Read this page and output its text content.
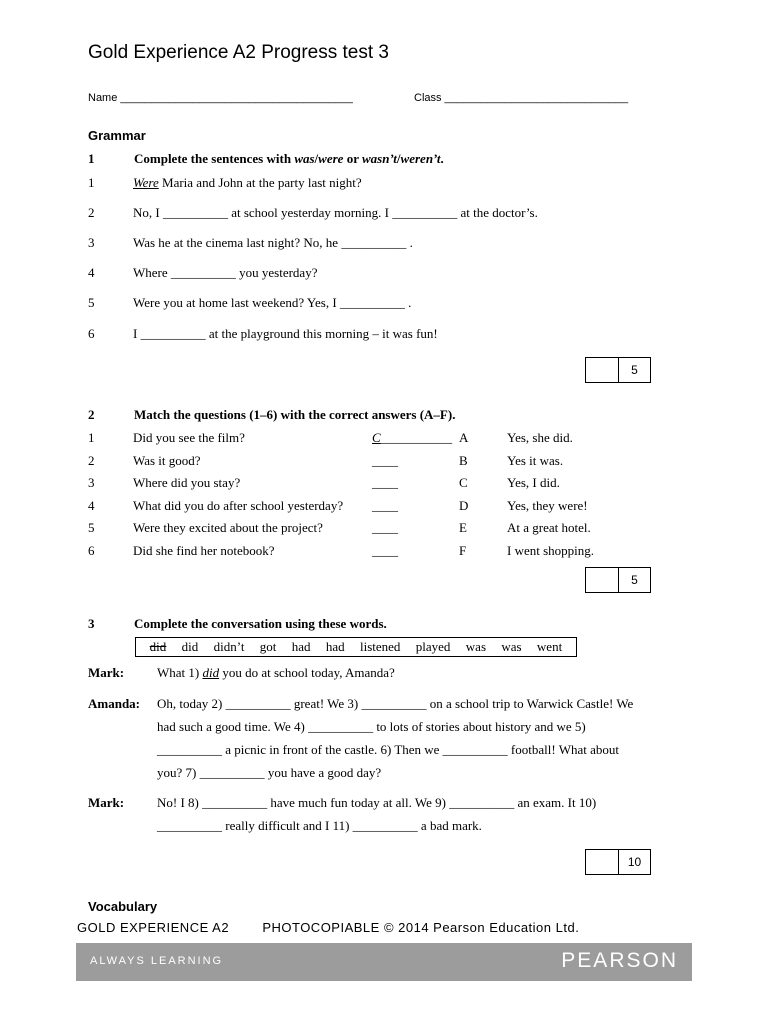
Gold Experience A2 Progress test 3
Name ______________________________________	Class ______________________________
Grammar
1	Complete the sentences with was/were or wasn’t/weren’t.
1	Were Maria and John at the party last night?
2	No, I __________ at school yesterday morning. I __________ at the doctor’s.
3	Was he at the cinema last night? No, he __________ .
4	Where __________ you yesterday?
5	Were you at home last weekend? Yes, I __________ .
6	I __________ at the playground this morning – it was fun!
5
2	Match the questions (1–6) with the correct answers (A–F).
1	Did you see the film?	C___________ A	Yes, she did.
2	Was it good?	____	B	Yes it was.
3	Where did you stay?	____	C	Yes, I did.
4	What did you do after school yesterday? ____	D	Yes, they were!
5	Were they excited about the project?	____	E	At a great hotel.
6	Did she find her notebook?	____	F	I went shopping.
5
3	Complete the conversation using these words.
did did didn’t got had had listened played was was went
Mark:	What 1) did you do at school today, Amanda?
Amanda: Oh, today 2) __________ great! We 3) __________ on a school trip to Warwick Castle! We
had such a good time. We 4) __________ to lots of stories about history and we 5)
__________ a picnic in front of the castle. 6) Then we __________ football! What about
you? 7) __________ you have a good day?
Mark:	No! I 8) __________ have much fun today at all. We 9) __________ an exam. It 10)
__________ really difficult and I 11) __________ a bad mark.
10
Vocabulary
GOLD EXPERIENCE A2	PHOTOCOPIABLE © 2014 Pearson Education Ltd.
ALWAYS LEARNING	PEARSON
